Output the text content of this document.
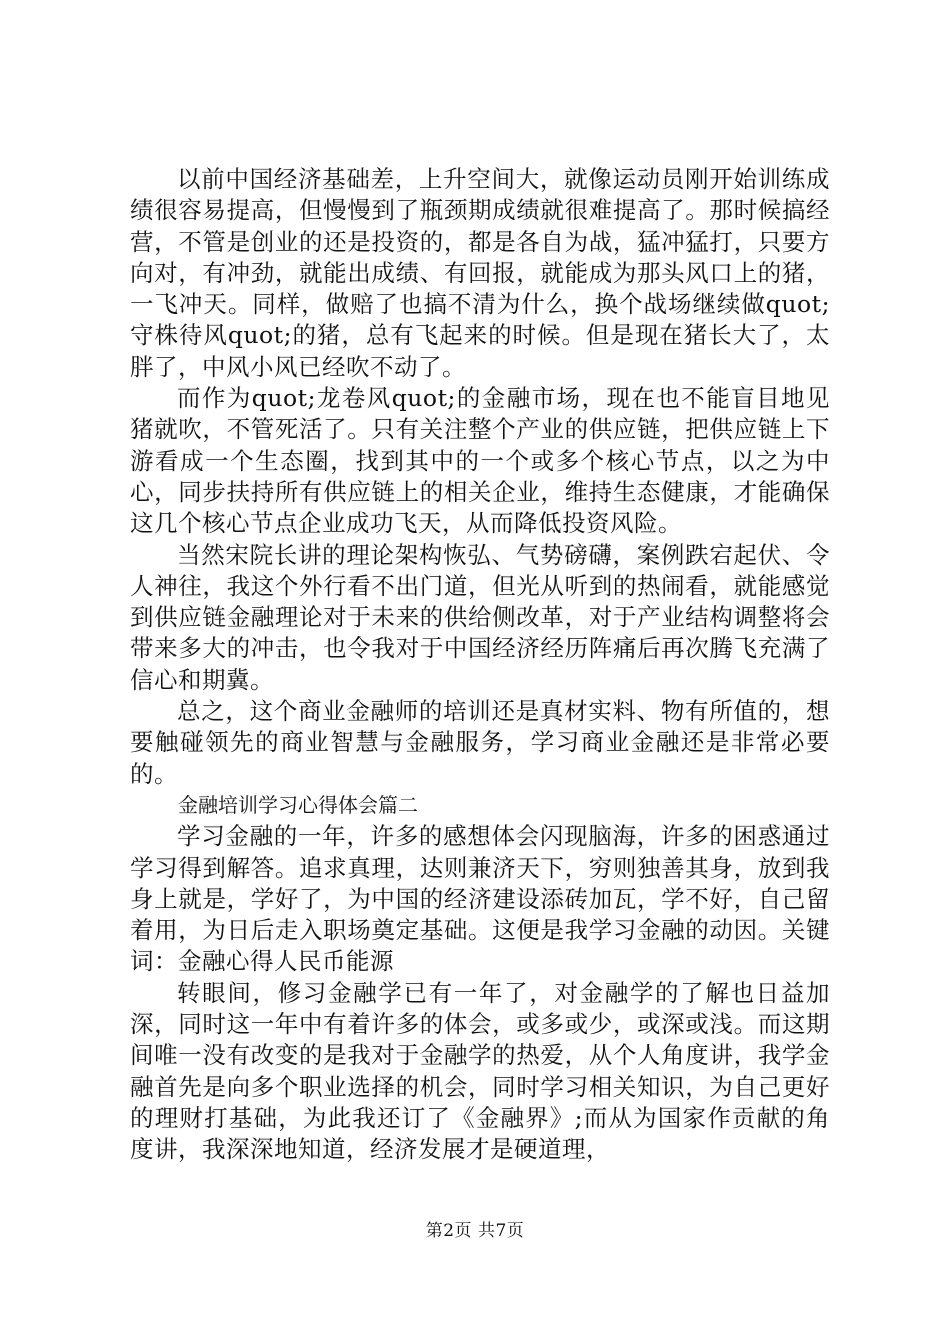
以前中国经济基础差，上升空间大，就像运动员刚开始训练成绩很容易提高，但慢慢到了瓶颈期成绩就很难提高了。那时候搞经营，不管是创业的还是投资的，都是各自为战，猛冲猛打，只要方向对，有冲劲，就能出成绩、有回报，就能成为那头风口上的猪，一飞冲天。同样，做赔了也搞不清为什么，换个战场继续做quot;守株待风quot;的猪，总有飞起来的时候。但是现在猪长大了，太胖了，中风小风已经吹不动了。

而作为quot;龙卷风quot;的金融市场，现在也不能盲目地见猪就吹，不管死活了。只有关注整个产业的供应链，把供应链上下游看成一个生态圈，找到其中的一个或多个核心节点，以之为中心，同步扶持所有供应链上的相关企业，维持生态健康，才能确保这几个核心节点企业成功飞天，从而降低投资风险。

当然宋院长讲的理论架构恢弘、气势磅礴，案例跌宕起伏、令人神往，我这个外行看不出门道，但光从听到的热闹看，就能感觉到供应链金融理论对于未来的供给侧改革，对于产业结构调整将会带来多大的冲击，也令我对于中国经济经历阵痛后再次腾飞充满了信心和期冀。

总之，这个商业金融师的培训还是真材实料、物有所值的，想要触碰领先的商业智慧与金融服务，学习商业金融还是非常必要的。

金融培训学习心得体会篇二

学习金融的一年，许多的感想体会闪现脑海，许多的困惑通过学习得到解答。追求真理，达则兼济天下，穷则独善其身，放到我身上就是，学好了，为中国的经济建设添砖加瓦，学不好，自己留着用，为日后走入职场奠定基础。这便是我学习金融的动因。关键词：金融心得人民币能源

转眼间，修习金融学已有一年了，对金融学的了解也日益加深，同时这一年中有着许多的体会，或多或少，或深或浅。而这期间唯一没有改变的是我对于金融学的热爱，从个人角度讲，我学金融首先是向多个职业选择的机会，同时学习相关知识，为自己更好的理财打基础，为此我还订了《金融界》;而从为国家作贡献的角度讲，我深深地知道，经济发展才是硬道理，

第2页 共7页
